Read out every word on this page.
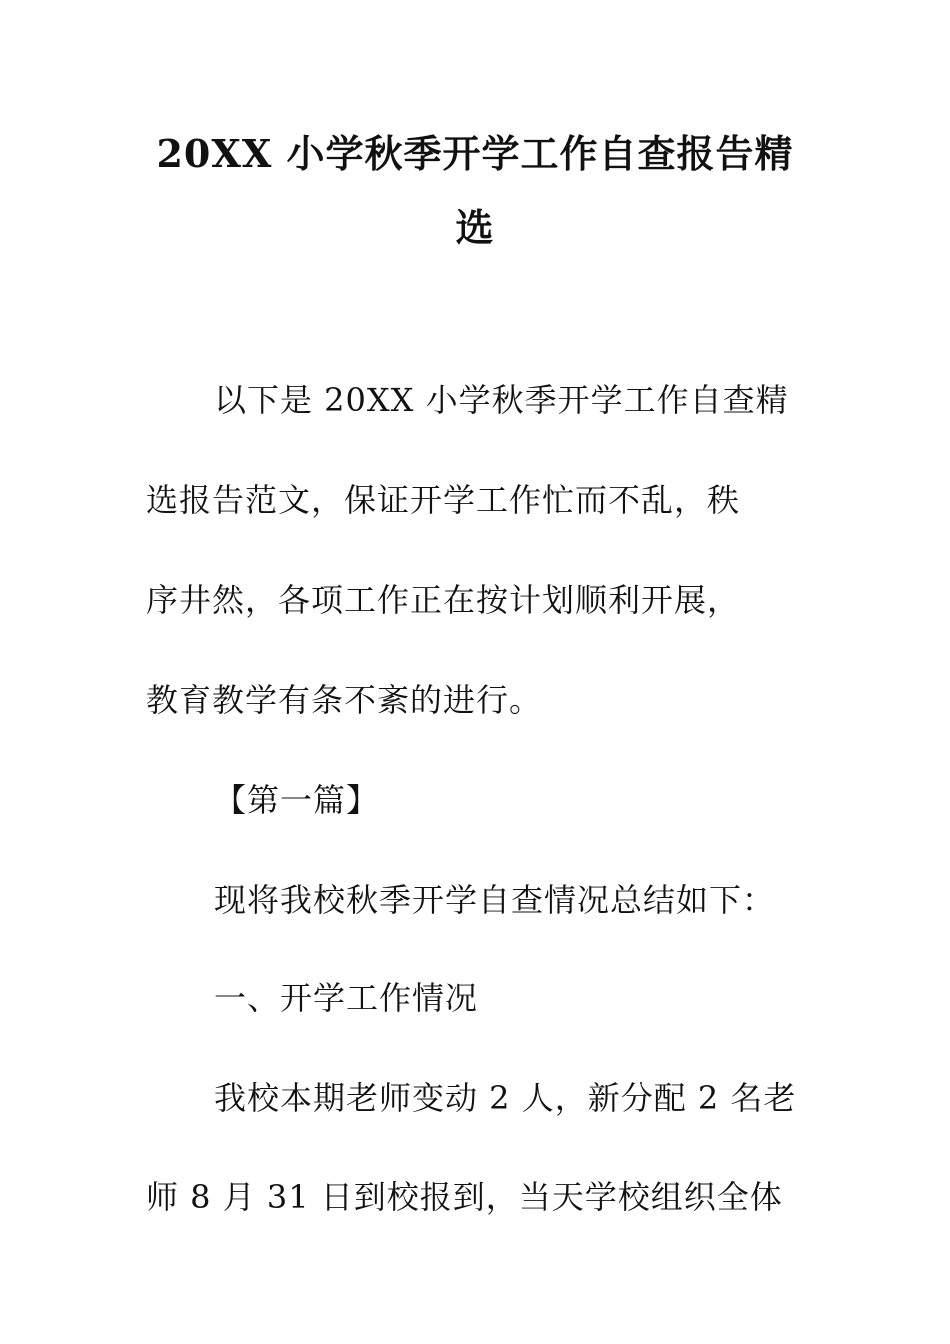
20XX 小学秋季开学工作自查报告精
选
以下是 20XX 小学秋季开学工作自查精
选报告范文，保证开学工作忙而不乱，秩
序井然，各项工作正在按计划顺利开展，
教育教学有条不紊的进行。
【第一篇】
现将我校秋季开学自查情况总结如下：
一、开学工作情况
我校本期老师变动 2 人，新分配 2 名老
师 8 月 31 日到校报到，当天学校组织全体
